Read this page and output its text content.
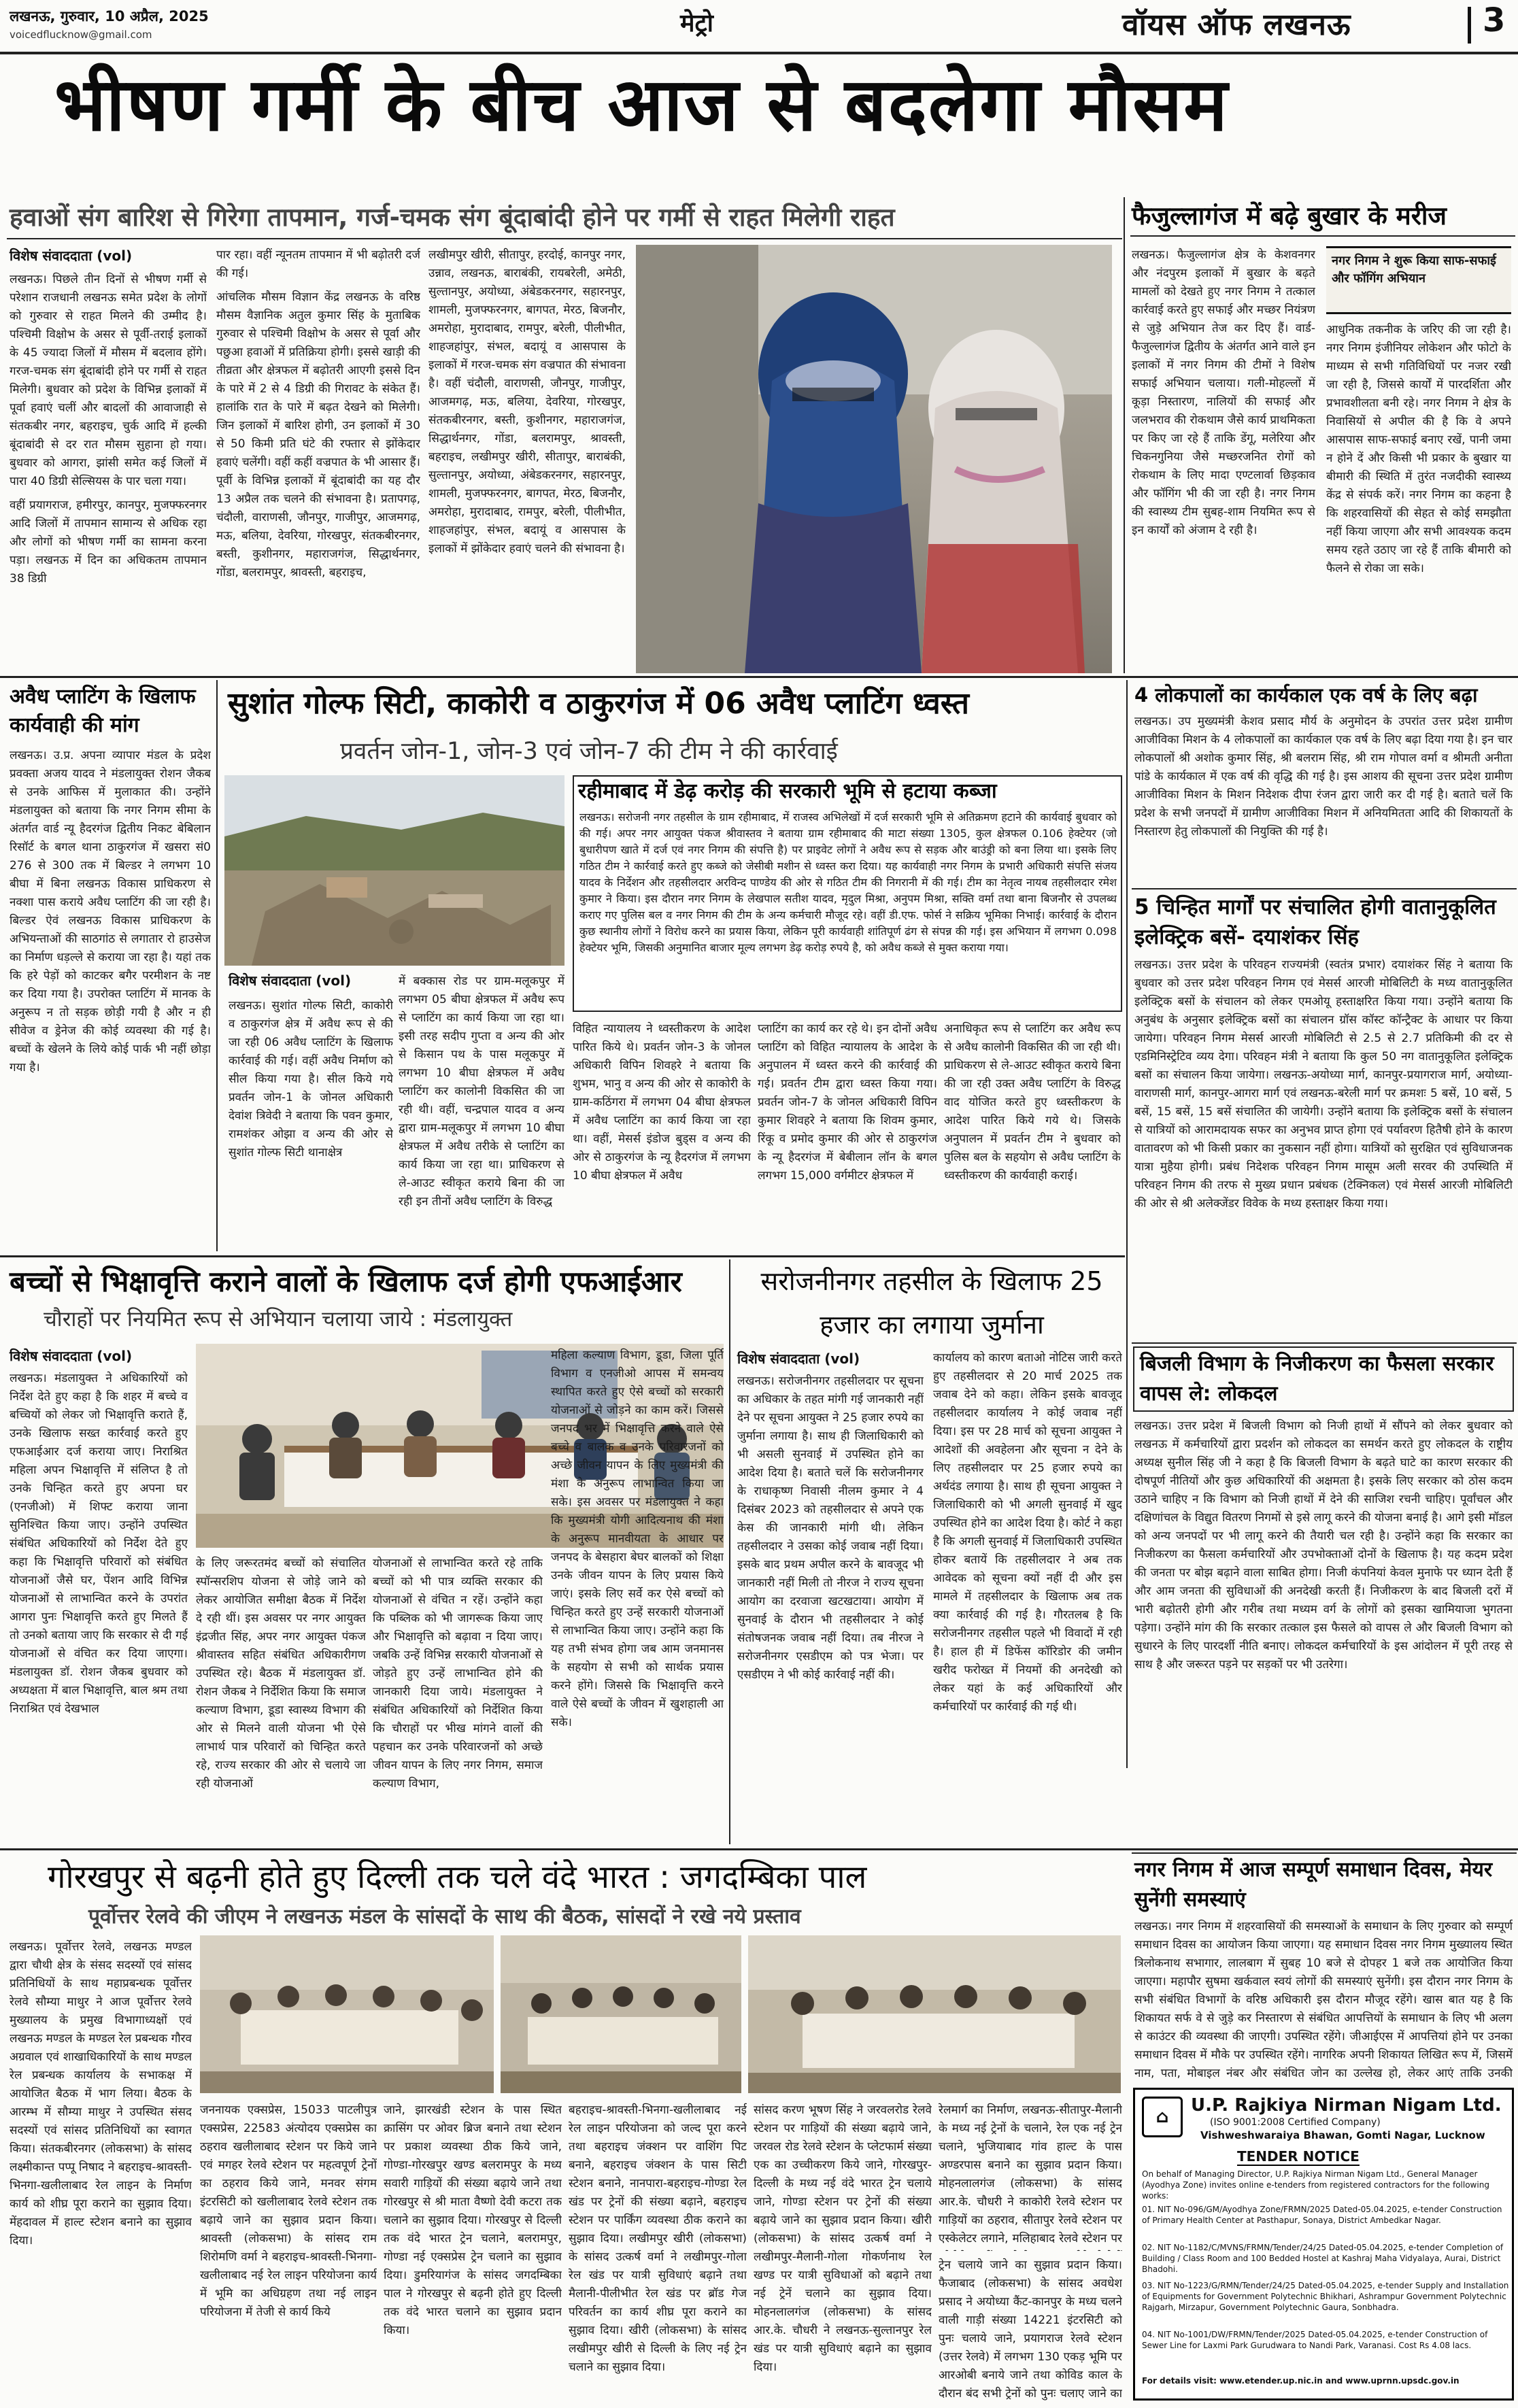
लखनऊ, गुरुवार, 10 अप्रैल, 2025
voicedflucknow@gmail.com	मेट्रो	वॉयस ऑफ लखनऊ	3
भीषण गर्मी के बीच आज से बदलेगा मौसम
हवाओं संग बारिश से गिरेगा तापमान, गर्ज-चमक संग बूंदाबांदी होने पर गर्मी से राहत मिलेगी राहत
विशेष संवाददाता (vol)

लखनऊ। पिछले तीन दिनों से भीषण गर्मी से परेशान राजधानी लखनऊ समेत प्रदेश के लोगों को गुरुवार से राहत मिलने की उम्मीद है। पश्चिमी विक्षोभ के असर से पूर्वी-तराई इलाकों के 45 ज्यादा जिलों में मौसम में बदलाव होंगे। गरज-चमक संग बूंदाबांदी होने पर गर्मी से राहत मिलेगी। बुधवार को प्रदेश के विभिन्न इलाकों में पूर्वा हवाएं चलीं और बादलों की आवाजाही से संतकबीर नगर, बहराइच, चुर्क आदि में हल्की बूंदाबांदी से दर रात मौसम सुहाना हो गया। बुधवार को आगरा, झांसी समेत कई जिलों में पारा 40 डिग्री सेल्सियस के पार चला गया।

वहीं प्रयागराज, हमीरपुर, कानपुर, मुजफ्फरनगर आदि जिलों में तापमान सामान्य से अधिक रहा और लोगों को भीषण गर्मी का सामना करना पड़ा। लखनऊ में दिन का अधिकतम तापमान 38 डिग्री

पार रहा। वहीं न्यूनतम तापमान में भी बढ़ोतरी दर्ज की गई।

आंचलिक मौसम विज्ञान केंद्र लखनऊ के वरिष्ठ मौसम वैज्ञानिक अतुल कुमार सिंह के मुताबिक गुरुवार से पश्चिमी विक्षोभ के असर से पूर्वा और पछुआ हवाओं में प्रतिक्रिया होगी। इससे खाड़ी की तीव्रता और क्षेत्रफल में बढ़ोतरी आएगी इससे दिन के पारे में 2 से 4 डिग्री की गिरावट के संकेत हैं। हालांकि रात के पारे में बढ़त देखने को मिलेगी। जिन इलाकों में बारिश होगी, उन इलाकों में 30 से 50 किमी प्रति घंटे की रफ्तार से झोंकेदार हवाएं चलेंगी। वहीं कहीं वज्रपात के भी आसार हैं। पूर्वी के विभिन्न इलाकों में बूंदाबांदी का यह दौर 13 अप्रैल तक चलने की संभावना है। प्रतापगढ़, चंदौली, वाराणसी, जौनपुर, गाजीपुर, आजमगढ़, मऊ, बलिया, देवरिया, गोरखपुर, संतकबीरनगर, बस्ती, कुशीनगर, महाराजगंज, सिद्धार्थनगर, गोंडा, बलरामपुर, श्रावस्ती, बहराइच,

लखीमपुर खीरी, सीतापुर, हरदोई, कानपुर नगर, उन्नाव, लखनऊ, बाराबंकी, रायबरेली, अमेठी, सुल्तानपुर, अयोध्या, अंबेडकरनगर, सहारनपुर, शामली, मुजफ्फरनगर, बागपत, मेरठ, बिजनौर, अमरोहा, मुरादाबाद, रामपुर, बरेली, पीलीभीत, शाहजहांपुर, संभल, बदायूं व आसपास के इलाकों में गरज-चमक संग वज्रपात की संभावना है। वहीं चंदौली, वाराणसी, जौनपुर, गाजीपुर, आजमगढ़, मऊ, बलिया, देवरिया, गोरखपुर, संतकबीरनगर, बस्ती, कुशीनगर, महाराजगंज, सिद्धार्थनगर, गोंडा, बलरामपुर, श्रावस्ती, बहराइच, लखीमपुर खीरी, सीतापुर, बाराबंकी, सुल्तानपुर, अयोध्या, अंबेडकरनगर, सहारनपुर, शामली, मुजफ्फरनगर, बागपत, मेरठ, बिजनौर, अमरोहा, मुरादाबाद, रामपुर, बरेली, पीलीभीत, शाहजहांपुर, संभल, बदायूं व आसपास के इलाकों में झोंकेदार हवाएं चलने की संभावना है।

फैजुल्लागंज में बढ़े बुखार के मरीज

लखनऊ। फैजुल्लागंज क्षेत्र के केशवनगर और नंदपुरम इलाकों में बुखार के बढ़ते मामलों को देखते हुए नगर निगम ने तत्काल कार्रवाई करते हुए सफाई और मच्छर नियंत्रण से जुड़े अभियान तेज कर दिए हैं। वार्ड-फैजुल्लागंज द्वितीय के अंतर्गत आने वाले इन इलाकों में नगर निगम की टीमों ने विशेष सफाई अभियान चलाया। गली-मोहल्लों में कूड़ा निस्तारण, नालियों की सफाई और जलभराव की रोकथाम जैसे कार्य प्राथमिकता पर किए जा रहे हैं ताकि डेंगू, मलेरिया और चिकनगुनिया जैसे मच्छरजनित रोगों को रोकथाम के लिए मादा एण्टलार्वा छिड़काव और फॉगिंग भी की जा रही है। नगर निगम की स्वास्थ्य टीम सुबह-शाम नियमित रूप से इन कार्यों को अंजाम दे रही है।

नगर निगम ने शुरू किया साफ-सफाई और फॉगिंग अभियान

आधुनिक तकनीक के जरिए की जा रही है। नगर निगम इंजीनियर लोकेशन और फोटो के माध्यम से सभी गतिविधियों पर नजर रखी जा रही है, जिससे कार्यों में पारदर्शिता और प्रभावशीलता बनी रहे। नगर निगम ने क्षेत्र के निवासियों से अपील की है कि वे अपने आसपास साफ-सफाई बनाए रखें, पानी जमा न होने दें और किसी भी प्रकार के बुखार या बीमारी की स्थिति में तुरंत नजदीकी स्वास्थ्य केंद्र से संपर्क करें। नगर निगम का कहना है कि शहरवासियों की सेहत से कोई समझौता नहीं किया जाएगा और सभी आवश्यक कदम समय रहते उठाए जा रहे हैं ताकि बीमारी को फैलने से रोका जा सके।

अवैध प्लाटिंग के खिलाफ कार्यवाही की मांग

लखनऊ। उ.प्र. अपना व्यापार मंडल के प्रदेश प्रवक्ता अजय यादव ने मंडलायुक्त रोशन जैकब से उनके आफिस में मुलाकात की। उन्होंने मंडलायुक्त को बताया कि नगर निगम सीमा के अंतर्गत वार्ड न्यू हैदरगंज द्वितीय निकट बेबिलान रिसॉर्ट के बगल थाना ठाकुरगंज में खसरा सं0 276 से 300 तक में बिल्डर ने लगभग 10 बीघा में बिना लखनऊ विकास प्राधिकरण से नक्शा पास कराये अवैध प्लाटिंग की जा रही है। बिल्डर ऐवं लखनऊ विकास प्राधिकरण के अभियन्ताओं की साठगांठ से लगातार रो हाउसेज का निर्माण धड़ल्ले से कराया जा रहा है। यहां तक कि हरे पेड़ों को काटकर बगैर परमीशन के नष्ट कर दिया गया है। उपरोक्त प्लाटिंग में मानक के अनुरूप न तो सड़क छोड़ी गयी है और न ही सीवेज व ड्रेनेज की कोई व्यवस्था की गई है। बच्चों के खेलने के लिये कोई पार्क भी नहीं छोड़ा गया है।

सुशांत गोल्फ सिटी, काकोरी व ठाकुरगंज में 06 अवैध प्लाटिंग ध्वस्त
प्रवर्तन जोन-1, जोन-3 एवं जोन-7 की टीम ने की कार्रवाई
विशेष संवाददाता (vol)

लखनऊ। सुशांत गोल्फ सिटी, काकोरी व ठाकुरगंज क्षेत्र में अवैध रूप से की जा रही 06 अवैध प्लाटिंग के खिलाफ कार्रवाई की गई। वहीं अवैध निर्माण को सील किया गया है। सील किये गये प्रवर्तन जोन-1 के जोनल अधिकारी देवांश त्रिवेदी ने बताया कि पवन कुमार, रामशंकर ओझा व अन्य की ओर से सुशांत गोल्फ सिटी थानाक्षेत्र

में बक्कास रोड पर ग्राम-मलूकपुर में लगभग 05 बीघा क्षेत्रफल में अवैध रूप से प्लाटिंग का कार्य किया जा रहा था। इसी तरह सदीप गुप्ता व अन्य की ओर से किसान पथ के पास मलूकपुर में लगभग 10 बीघा क्षेत्रफल में अवैध प्लाटिंग कर कालोनी विकसित की जा रही थी। वहीं, चन्द्रपाल यादव व अन्य द्वारा ग्राम-मलूकपुर में लगभग 10 बीघा क्षेत्रफल में अवैध तरीके से प्लाटिंग का कार्य किया जा रहा था। प्राधिकरण से ले-आउट स्वीकृत कराये बिना की जा रही इन तीनों अवैध प्लाटिंग के विरुद्ध

रहीमाबाद में डेढ़ करोड़ की सरकारी भूमि से हटाया कब्जा

लखनऊ। सरोजनी नगर तहसील के ग्राम रहीमाबाद, में राजस्व अभिलेखों में दर्ज सरकारी भूमि से अतिक्रमण हटाने की कार्यवाई बुधवार को की गई। अपर नगर आयुक्त पंकज श्रीवास्तव ने बताया ग्राम रहीमाबाद की माटा संख्या 1305, कुल क्षेत्रफल 0.106 हेक्टेयर (जो बुधारीपण खाते में दर्ज एवं नगर निगम की संपत्ति है) पर प्राइवेट लोगों ने अवैध रूप से सड़क और बाउंड्री को बना लिया था। इसके लिए गठित टीम ने कार्रवाई करते हुए कब्जे को जेसीबी मशीन से ध्वस्त करा दिया। यह कार्यवाही नगर निगम के प्रभारी अधिकारी संपत्ति संजय यादव के निर्देशन और तहसीलदार अरविन्द पाण्डेय की ओर से गठित टीम की निगरानी में की गई। टीम का नेतृत्व नायब तहसीलदार रमेश कुमार ने किया। इस दौरान नगर निगम के लेखपाल सतीश यादव, मृदुल मिश्रा, अनुपम मिश्रा, सक्ति वर्मा तथा बाना बिजनौर से उपलब्ध कराए गए पुलिस बल व नगर निगम की टीम के अन्य कर्मचारी मौजूद रहे। वहीं डी.एफ. फोर्स ने सक्रिय भूमिका निभाई। कार्रवाई के दौरान कुछ स्थानीय लोगों ने विरोध करने का प्रयास किया, लेकिन पूरी कार्यवाही शांतिपूर्ण ढंग से संपन्न की गई। इस अभियान में लगभग 0.098 हेक्टेयर भूमि, जिसकी अनुमानित बाजार मूल्य लगभग डेढ़ करोड़ रुपये है, को अवैध कब्जे से मुक्त कराया गया।

विहित न्यायालय ने ध्वस्तीकरण के आदेश पारित किये थे। प्रवर्तन जोन-3 के जोनल अधिकारी विपिन शिवहरे ने बताया कि शुभम, भानु व अन्य की ओर से काकोरी के ग्राम-कठिंगरा में लगभग 04 बीघा क्षेत्रफल में अवैध प्लाटिंग का कार्य किया जा रहा था। वहीं, मेसर्स इंडोज बुड्स व अन्य की ओर से ठाकुरगंज के न्यू हैदरगंज में लगभग 10 बीघा क्षेत्रफल में अवैध

प्लाटिंग का कार्य कर रहे थे। इन दोनों अवैध प्लाटिंग को विहित न्यायालय के आदेश के अनुपालन में ध्वस्त करने की कार्रवाई की गई। प्रवर्तन टीम द्वारा ध्वस्त किया गया। प्रवर्तन जोन-7 के जोनल अधिकारी विपिन कुमार शिवहरे ने बताया कि शिवम कुमार, रिंकू व प्रमोद कुमार की ओर से ठाकुरगंज के न्यू हैदरगंज में बेबीलान लॉन के बगल लगभग 15,000 वर्गमीटर क्षेत्रफल में

अनाधिकृत रूप से प्लाटिंग कर अवैध रूप से अवैध कालोनी विकसित की जा रही थी। प्राधिकरण से ले-आउट स्वीकृत कराये बिना की जा रही उक्त अवैध प्लाटिंग के विरुद्ध वाद योजित करते हुए ध्वस्तीकरण के आदेश पारित किये गये थे। जिसके अनुपालन में प्रवर्तन टीम ने बुधवार को पुलिस बल के सहयोग से अवैध प्लाटिंग के ध्वस्तीकरण की कार्यवाही कराई।

4 लोकपालों का कार्यकाल एक वर्ष के लिए बढ़ा

लखनऊ। उप मुख्यमंत्री केशव प्रसाद मौर्य के अनुमोदन के उपरांत उत्तर प्रदेश ग्रामीण आजीविका मिशन के 4 लोकपालों का कार्यकाल एक वर्ष के लिए बढ़ा दिया गया है। इन चार लोकपालों श्री अशोक कुमार सिंह, श्री बलराम सिंह, श्री राम गोपाल वर्मा व श्रीमती अनीता पांडे के कार्यकाल में एक वर्ष की वृद्धि की गई है। इस आशय की सूचना उत्तर प्रदेश ग्रामीण आजीविका मिशन के मिशन निदेशक दीपा रंजन द्वारा जारी कर दी गई है। बताते चलें कि प्रदेश के सभी जनपदों में ग्रामीण आजीविका मिशन में अनियमितता आदि की शिकायतों के निस्तारण हेतु लोकपालों की नियुक्ति की गई है।

5 चिन्हित मार्गों पर संचालित होगी वातानुकूलित इलेक्ट्रिक बसें- दयाशंकर सिंह

लखनऊ। उत्तर प्रदेश के परिवहन राज्यमंत्री (स्वतंत्र प्रभार) दयाशंकर सिंह ने बताया कि बुधवार को उत्तर प्रदेश परिवहन निगम एवं मेसर्स आरजी मोबिलिटी के मध्य वातानुकूलित इलेक्ट्रिक बसों के संचालन को लेकर एमओयू हस्ताक्षरित किया गया। उन्होंने बताया कि अनुबंध के अनुसार इलेक्ट्रिक बसों का संचालन ग्रॉस कॉस्ट कॉन्ट्रैक्ट के आधार पर किया जायेगा। परिवहन निगम मेसर्स आरजी मोबिलिटी से 2.5 से 2.7 प्रतिकिमी की दर से एडमिनिस्ट्रेटिव व्यय देगा। परिवहन मंत्री ने बताया कि कुल 50 नग वातानुकूलित इलेक्ट्रिक बसों का संचालन किया जायेगा। लखनऊ-अयोध्या मार्ग, कानपुर-प्रयागराज मार्ग, अयोध्या-वाराणसी मार्ग, कानपुर-आगरा मार्ग एवं लखनऊ-बरेली मार्ग पर क्रमशः 5 बसें, 10 बसें, 5 बसें, 15 बसें, 15 बसें संचालित की जायेगी। उन्होंने बताया कि इलेक्ट्रिक बसों के संचालन से यात्रियों को आरामदायक सफर का अनुभव प्राप्त होगा एवं पर्यावरण हितैषी होने के कारण वातावरण को भी किसी प्रकार का नुकसान नहीं होगा। यात्रियों को सुरक्षित एवं सुविधाजनक यात्रा मुहैया होगी। प्रबंध निदेशक परिवहन निगम मासूम अली सरवर की उपस्थिति में परिवहन निगम की तरफ से मुख्य प्रधान प्रबंधक (टेक्निकल) एवं मेसर्स आरजी मोबिलिटी की ओर से श्री अलेक्जेंडर विवेक के मध्य हस्ताक्षर किया गया।

बिजली विभाग के निजीकरण का फैसला सरकार वापस ले: लोकदल

लखनऊ। उत्तर प्रदेश में बिजली विभाग को निजी हाथों में सौंपने को लेकर बुधवार को लखनऊ में कर्मचारियों द्वारा प्रदर्शन को लोकदल का समर्थन करते हुए लोकदल के राष्ट्रीय अध्यक्ष सुनील सिंह जी ने कहा है कि बिजली विभाग के बढ़ते घाटे का कारण सरकार की दोषपूर्ण नीतियों और कुछ अधिकारियों की अक्षमता है। इसके लिए सरकार को ठोस कदम उठाने चाहिए न कि विभाग को निजी हाथों में देने की साजिश रचनी चाहिए। पूर्वांचल और दक्षिणांचल के विद्युत वितरण निगमों से इसे लागू करने की योजना बनाई है। आगे इसी मॉडल को अन्य जनपदों पर भी लागू करने की तैयारी चल रही है। उन्होंने कहा कि सरकार का निजीकरण का फैसला कर्मचारियों और उपभोक्ताओं दोनों के खिलाफ है। यह कदम प्रदेश की जनता पर बोझ बढ़ाने वाला साबित होगा। निजी कंपनियां केवल मुनाफे पर ध्यान देती हैं और आम जनता की सुविधाओं की अनदेखी करती हैं। निजीकरण के बाद बिजली दरों में भारी बढ़ोतरी होगी और गरीब तथा मध्यम वर्ग के लोगों को इसका खामियाजा भुगतना पड़ेगा। उन्होंने मांग की कि सरकार तत्काल इस फैसले को वापस ले और बिजली विभाग को सुधारने के लिए पारदर्शी नीति बनाए। लोकदल कर्मचारियों के इस आंदोलन में पूरी तरह से साथ है और जरूरत पड़ने पर सड़कों पर भी उतरेगा।

बच्चों से भिक्षावृत्ति कराने वालों के खिलाफ दर्ज होगी एफआईआर
चौराहों पर नियमित रूप से अभियान चलाया जाये : मंडलायुक्त
विशेष संवाददाता (vol)

लखनऊ। मंडलायुक्त ने अधिकारियों को निर्देश देते हुए कहा है कि शहर में बच्चे व बच्चियों को लेकर जो भिक्षावृत्ति कराते हैं, उनके खिलाफ सख्त कार्रवाई करते हुए एफआईआर दर्ज कराया जाए। निराश्रित महिला अपन भिक्षावृत्ति में संलिप्त है तो उनके चिन्हित करते हुए अपना घर (एनजीओ) में शिफ्ट कराया जाना सुनिश्चित किया जाए। उन्होंने उपस्थित संबंधित अधिकारियों को निर्देश देते हुए कहा कि भिक्षावृत्ति परिवारों को संबंधित योजनाओं जैसे घर, पेंशन आदि विभिन्न योजनाओं से लाभान्वित करने के उपरांत आगरा पुनः भिक्षावृत्ति करते हुए मिलते हैं तो उनको बताया जाए कि सरकार से दी गई योजनाओं से वंचित कर दिया जाएगा। मंडलायुक्त डॉ. रोशन जैकब बुधवार को अध्यक्षता में बाल भिक्षावृत्ति, बाल श्रम तथा निराश्रित एवं देखभाल

के लिए जरूरतमंद बच्चों को संचालित स्पॉन्सरशिप योजना से जोड़े जाने को लेकर आयोजित समीक्षा बैठक में निर्देश दे रही थीं। इस अवसर पर नगर आयुक्त इंद्रजीत सिंह, अपर नगर आयुक्त पंकज श्रीवास्तव सहित संबंधित अधिकारीगण उपस्थित रहे। बैठक में मंडलायुक्त डॉ. रोशन जैकब ने निर्देशित किया कि समाज कल्याण विभाग, डूडा स्वास्थ्य विभाग की ओर से मिलने वाली योजना भी ऐसे लाभार्थ पात्र परिवारों को चिन्हित करते रहे, राज्य सरकार की ओर से चलाये जा रही योजनाओं

योजनाओं से लाभान्वित करते रहे ताकि बच्चों को भी पात्र व्यक्ति सरकार की योजनाओं से वंचित न रहें। उन्होंने कहा कि पब्लिक को भी जागरूक किया जाए और भिक्षावृत्ति को बढ़ावा न दिया जाए। जबकि उन्हें विभिन्न सरकारी योजनाओं से जोड़ते हुए उन्हें लाभान्वित होने की जानकारी दिया जाये। मंडलायुक्त ने संबंधित अधिकारियों को निर्देशित किया कि चौराहों पर भीख मांगने वालों की पहचान कर उनके परिवारजनों को अच्छे जीवन यापन के लिए नगर निगम, समाज कल्याण विभाग,

महिला कल्याण विभाग, डूडा, जिला पूर्ति विभाग व एनजीओ आपस में समन्वय स्थापित करते हुए ऐसे बच्चों को सरकारी योजनाओं से जोड़ने का काम करें। जिससे जनपद भर में भिक्षावृत्ति करने वाले ऐसे बच्चे व बालक व उनके परिवारजनों को अच्छे जीवन यापन के लिए मुख्यमंत्री की मंशा के अनुरूप लाभान्वित किया जा सके। इस अवसर पर मंडलायुक्त ने कहा कि मुख्यमंत्री योगी आदित्यनाथ की मंशा के अनुरूप मानवीयता के आधार पर जनपद के बेसहारा बेघर बालकों को शिक्षा उनके जीवन यापन के लिए प्रयास किये जाएं। इसके लिए सर्वे कर ऐसे बच्चों को चिन्हित करते हुए उन्हें सरकारी योजनाओं से लाभान्वित किया जाए। उन्होंने कहा कि यह तभी संभव होगा जब आम जनमानस के सहयोग से सभी को सार्थक प्रयास करने होंगे। जिससे कि भिक्षावृत्ति करने वाले ऐसे बच्चों के जीवन में खुशहाली आ सके।

सरोजनीनगर तहसील के खिलाफ 25 हजार का लगाया जुर्माना
विशेष संवाददाता (vol)

लखनऊ। सरोजनीनगर तहसीलदार पर सूचना का अधिकार के तहत मांगी गई जानकारी नहीं देने पर सूचना आयुक्त ने 25 हजार रुपये का जुर्माना लगाया है। साथ ही जिलाधिकारी को भी असली सुनवाई में उपस्थित होने का आदेश दिया है। बताते चलें कि सरोजनीनगर के राधाकृष्ण निवासी नीलम कुमार ने 4 दिसंबर 2023 को तहसीलदार से अपने एक केस की जानकारी मांगी थी। लेकिन तहसीलदार ने उसका कोई जवाब नहीं दिया। इसके बाद प्रथम अपील करने के बावजूद भी जानकारी नहीं मिली तो नीरज ने राज्य सूचना आयोग का दरवाजा खटखटाया। आयोग में सुनवाई के दौरान भी तहसीलदार ने कोई संतोषजनक जवाब नहीं दिया। तब नीरज ने सरोजनीनगर एसडीएम को पत्र भेजा। पर एसडीएम ने भी कोई कार्रवाई नहीं की।

कार्यालय को कारण बताओ नोटिस जारी करते हुए तहसीलदार से 20 मार्च 2025 तक जवाब देने को कहा। लेकिन इसके बावजूद तहसीलदार कार्यालय ने कोई जवाब नहीं दिया। इस पर 28 मार्च को सूचना आयुक्त ने आदेशों की अवहेलना और सूचना न देने के लिए तहसीलदार पर 25 हजार रुपये का अर्थदंड लगाया है। साथ ही सूचना आयुक्त ने जिलाधिकारी को भी अगली सुनवाई में खुद उपस्थित होने का आदेश दिया है। कोर्ट ने कहा है कि अगली सुनवाई में जिलाधिकारी उपस्थित होकर बतायें कि तहसीलदार ने अब तक आवेदक को सूचना क्यों नहीं दी और इस मामले में तहसीलदार के खिलाफ अब तक क्या कार्रवाई की गई है। गौरतलब है कि सरोजनीनगर तहसील पहले भी विवादों में रही है। हाल ही में डिफेंस कॉरिडोर की जमीन खरीद फरोख्त में नियमों की अनदेखी को लेकर यहां के कई अधिकारियों और कर्मचारियों पर कार्रवाई की गई थी।

गोरखपुर से बढ़नी होते हुए दिल्ली तक चले वंदे भारत : जगदम्बिका पाल
पूर्वोत्तर रेलवे की जीएम ने लखनऊ मंडल के सांसदों के साथ की बैठक, सांसदों ने रखे नये प्रस्ताव

लखनऊ। पूर्वोत्तर रेलवे, लखनऊ मण्डल द्वारा चौथी क्षेत्र के संसद सदस्यों एवं सांसद प्रतिनिधियों के साथ महाप्रबन्धक पूर्वोत्तर रेलवे सौम्या माथुर ने आज पूर्वोत्तर रेलवे मुख्यालय के प्रमुख विभागाध्यक्षों एवं लखनऊ मण्डल के मण्डल रेल प्रबन्धक गौरव अग्रवाल एवं शाखाधिकारियों के साथ मण्डल रेल प्रबन्धक कार्यालय के सभाकक्ष में आयोजित बैठक में भाग लिया। बैठक के आरम्भ में सौम्या माथुर ने उपस्थित संसद सदस्यों एवं सांसद प्रतिनिधियों का स्वागत किया। संतकबीरनगर (लोकसभा) के सांसद लक्ष्मीकान्त पप्पू निषाद ने बहराइच-श्रावस्ती-भिनगा-खलीलाबाद रेल लाइन के निर्माण कार्य को शीघ्र पूरा कराने का सुझाव दिया। मेंहदावल में हाल्ट स्टेशन बनाने का सुझाव दिया।

जननायक एक्सप्रेस, 15033 पाटलीपुत्र एक्सप्रेस, 22583 अंत्योदय एक्सप्रेस का ठहराव खलीलाबाद स्टेशन पर किये जाने एवं मगहर रेलवे स्टेशन पर महत्वपूर्ण ट्रेनों का ठहराव किये जाने, मनवर संगम इंटरसिटी को खलीलाबाद रेलवे स्टेशन तक बढ़ाये जाने का सुझाव प्रदान किया। श्रावस्ती (लोकसभा) के सांसद राम शिरोमणि वर्मा ने बहराइच-श्रावस्ती-भिनगा-खलीलाबाद नई रेल लाइन परियोजना कार्य में भूमि का अधिग्रहण तथा नई लाइन परियोजना में तेजी से कार्य किये

जाने, झारखंडी स्टेशन के पास स्थित क्रासिंग पर ओवर ब्रिज बनाने तथा स्टेशन पर प्रकाश व्यवस्था ठीक किये जाने, गोण्डा-गोरखपुर खण्ड बलरामपुर के मध्य सवारी गाड़ियों की संख्या बढ़ाये जाने तथा गोरखपुर से श्री माता वैष्णो देवी कटरा तक चलाने का सुझाव दिया। गोरखपुर से दिल्ली तक वंदे भारत ट्रेन चलाने, बलरामपुर, गोण्डा नई एक्सप्रेस ट्रेन चलाने का सुझाव दिया। डुमरियागंज के सांसद जगदम्बिका पाल ने गोरखपुर से बढ़नी होते हुए दिल्ली तक वंदे भारत चलाने का सुझाव प्रदान किया।

बहराइच-श्रावस्ती-भिनगा-खलीलाबाद नई रेल लाइन परियोजना को जल्द पूरा करने तथा बहराइच जंक्शन पर वाशिंग पिट बनाने, बहराइच जंक्शन के पास सिटी स्टेशन बनाने, नानपारा-बहराइच-गोण्डा रेल खंड पर ट्रेनों की संख्या बढ़ाने, बहराइच स्टेशन पर पार्किंग व्यवस्था ठीक कराने का सुझाव दिया। लखीमपुर खीरी (लोकसभा) के सांसद उत्कर्ष वर्मा ने लखीमपुर-गोला रेल खंड पर यात्री सुविधाएं बढ़ाने तथा मैलानी-पीलीभीत रेल खंड पर ब्रॉड गेज परिवर्तन का कार्य शीघ्र पूरा कराने का सुझाव दिया। खीरी (लोकसभा) के सांसद लखीमपुर खीरी से दिल्ली के लिए नई ट्रेन चलाने का सुझाव दिया।

सांसद करण भूषण सिंह ने जरवलरोड रेलवे स्टेशन पर गाड़ियों की संख्या बढ़ाये जाने, जरवल रोड रेलवे स्टेशन के प्लेटफार्म संख्या एक का उच्चीकरण किये जाने, गोरखपुर-दिल्ली के मध्य नई वंदे भारत ट्रेन चलाये जाने, गोण्डा स्टेशन पर ट्रेनों की संख्या बढ़ाये जाने का सुझाव प्रदान किया। खीरी (लोकसभा) के सांसद उत्कर्ष वर्मा ने लखीमपुर-मैलानी-गोला गोकर्णनाथ रेल खण्ड पर यात्री सुविधाओं को बढ़ाने तथा नई ट्रेनें चलाने का सुझाव दिया। मोहनलालगंज (लोकसभा) के सांसद आर.के. चौधरी ने लखनऊ-सुल्तानपुर रेल खंड पर यात्री सुविधाएं बढ़ाने का सुझाव दिया।

रेलमार्ग का निर्माण, लखनऊ-सीतापुर-मैलानी के मध्य नई ट्रेनों के चलाने, रेल एक नई ट्रेन चलाने, भुजियाबाद गांव हाल्ट के पास अण्डरपास बनाने का सुझाव प्रदान किया। मोहनलालगंज (लोकसभा) के सांसद आर.के. चौधरी ने काकोरी रेलवे स्टेशन पर गाड़ियों का ठहराव, सीतापुर रेलवे स्टेशन पर एस्केलेटर लगाने, मलिहाबाद रेलवे स्टेशन पर

ट्रेन चलाये जाने का सुझाव प्रदान किया। फैजाबाद (लोकसभा) के सांसद अवधेश प्रसाद ने अयोध्या कैंट-कानपुर के मध्य चलने वाली गाड़ी संख्या 14221 इंटरसिटी को पुनः चलाये जाने, प्रयागराज रेलवे स्टेशन (उत्तर रेलवे) में लगभग 130 एकड़ भूमि पर आरओबी बनाये जाने तथा कोविड काल के दौरान बंद सभी ट्रेनों को पुनः चलाए जाने का

नगर निगम में आज सम्पूर्ण समाधान दिवस, मेयर सुनेंगी समस्याएं

लखनऊ। नगर निगम में शहरवासियों की समस्याओं के समाधान के लिए गुरुवार को सम्पूर्ण समाधान दिवस का आयोजन किया जाएगा। यह समाधान दिवस नगर निगम मुख्यालय स्थित त्रिलोकनाथ सभागार, लालबाग में सुबह 10 बजे से दोपहर 1 बजे तक आयोजित किया जाएगा। महापौर सुषमा खर्कवाल स्वयं लोगों की समस्याएं सुनेंगी। इस दौरान नगर निगम के सभी संबंधित विभागों के वरिष्ठ अधिकारी इस दौरान मौजूद रहेंगे। खास बात यह है कि शिकायत सर्फ वे से जुड़े कर निस्तारण से संबंधित आपत्तियों के समाधान के लिए भी अलग से काउंटर की व्यवस्था की जाएगी। उपस्थित रहेंगे। जीआईएस में आपत्तियां होने पर उनका समाधान दिवस में मौके पर उपस्थित रहेंगे। नागरिक अपनी शिकायत लिखित रूप में, जिसमें नाम, पता, मोबाइल नंबर और संबंधित जोन का उल्लेख हो, लेकर आएं ताकि उनकी

⌂
U.P. Rajkiya Nirman Nigam Ltd.
(ISO 9001:2008 Certified Company)
Vishweshwaraiya Bhawan, Gomti Nagar, Lucknow
TENDER NOTICE
On behalf of Managing Director, U.P. Rajkiya Nirman Nigam Ltd., General Manager (Ayodhya Zone) invites online e-tenders from registered contractors for the following works:
01. NIT No-096/GM/Ayodhya Zone/FRMN/2025 Dated-05.04.2025, e-tender Construction of Primary Health Center at Pasthapur, Sonaya, District Ambedkar Nagar.
02. NIT No-1182/C/MVNS/FRMN/Tender/24/25 Dated-05.04.2025, e-tender Completion of Building / Class Room and 100 Bedded Hostel at Kashraj Maha Vidyalaya, Aurai, District Bhadohi.
03. NIT No-1223/G/RMN/Tender/24/25 Dated-05.04.2025, e-tender Supply and Installation of Equipments for Government Polytechnic Bhikhari, Ashrampur Government Polytechnic Rajgarh, Mirzapur, Government Polytechnic Gaura, Sonbhadra.
04. NIT No-1001/DW/FRMN/Tender/2025 Dated-05.04.2025, e-tender Construction of Sewer Line for Laxmi Park Gurudwara to Nandi Park, Varanasi. Cost Rs 4.08 lacs.
For details visit: www.etender.up.nic.in and www.uprnn.upsdc.gov.in
